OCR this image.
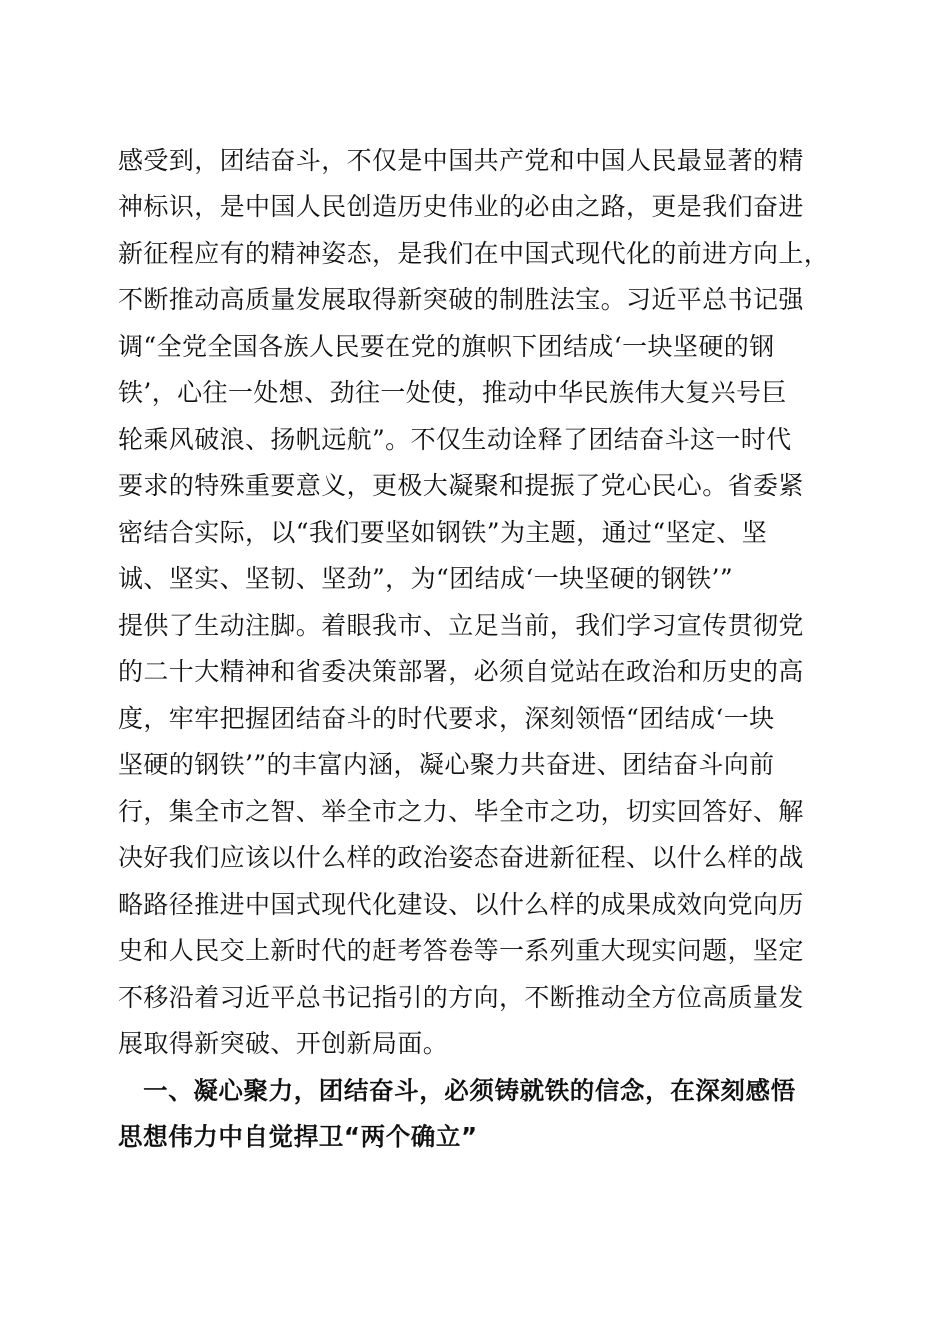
感受到，团结奋斗，不仅是中国共产党和中国人民最显著的精
神标识，是中国人民创造历史伟业的必由之路，更是我们奋进
新征程应有的精神姿态，是我们在中国式现代化的前进方向上，
不断推动高质量发展取得新突破的制胜法宝。习近平总书记强
调“全党全国各族人民要在党的旗帜下团结成‘一块坚硬的钢
铁’，心往一处想、劲往一处使，推动中华民族伟大复兴号巨
轮乘风破浪、扬帆远航”。不仅生动诠释了团结奋斗这一时代
要求的特殊重要意义，更极大凝聚和提振了党心民心。省委紧
密结合实际，以“我们要坚如钢铁”为主题，通过“坚定、坚
诚、坚实、坚韧、坚劲”，为“团结成‘一块坚硬的钢铁’”
提供了生动注脚。着眼我市、立足当前，我们学习宣传贯彻党
的二十大精神和省委决策部署，必须自觉站在政治和历史的高
度，牢牢把握团结奋斗的时代要求，深刻领悟“团结成‘一块
坚硬的钢铁’”的丰富内涵，凝心聚力共奋进、团结奋斗向前
行，集全市之智、举全市之力、毕全市之功，切实回答好、解
决好我们应该以什么样的政治姿态奋进新征程、以什么样的战
略路径推进中国式现代化建设、以什么样的成果成效向党向历
史和人民交上新时代的赶考答卷等一系列重大现实问题，坚定
不移沿着习近平总书记指引的方向，不断推动全方位高质量发
展取得新突破、开创新局面。
　一、凝心聚力，团结奋斗，必须铸就铁的信念，在深刻感悟
思想伟力中自觉捍卫“两个确立”
